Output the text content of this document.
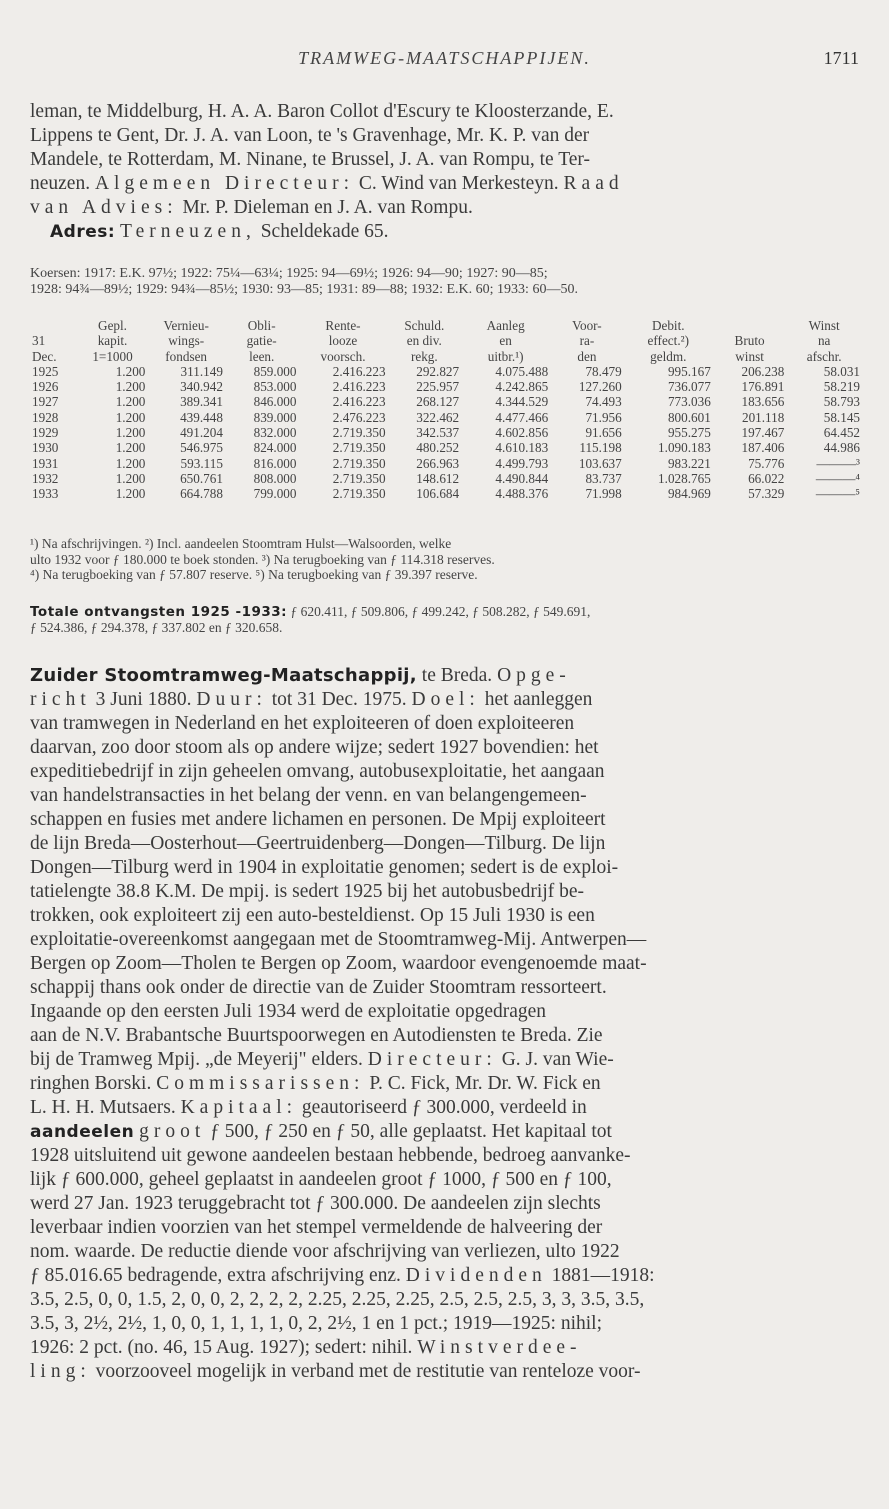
TRAMWEG-MAATSCHAPPIJEN.	1711
leman, te Middelburg, H. A. A. Baron Collot d'Escury te Kloosterzande, E.
Lippens te Gent, Dr. J. A. van Loon, te 's Gravenhage, Mr. K. P. van der
Mandele, te Rotterdam, M. Ninane, te Brussel, J. A. van Rompu, te Ter-
neuzen. Algemeen Directeur: C. Wind van Merkesteyn. Raad
van Advies: Mr. P. Dieleman en J. A. van Rompu.
Adres: Terneuzen, Scheldekade 65.
Koersen: 1917: E.K. 97½; 1922: 75¼—63¼; 1925: 94—69½; 1926: 94—90; 1927: 90—85;
1928: 94¾—89½; 1929: 94¾—85½; 1930: 93—85; 1931: 89—88; 1932: E.K. 60; 1933: 60—50.
	Gepl.	Vernieu-	Obli-	Rente-	Schuld.	Aanleg	Voor-	Debit.		Winst
31	kapit.	wings-	gatie-	looze	en div.	en	ra-	effect.²)	Bruto	na
Dec.	1=1000	fondsen	leen.	voorsch.	rekg.	uitbr.¹)	den	geldm.	winst	afschr.
1925	1.200	311.149	859.000	2.416.223	292.827	4.075.488	78.479	995.167	206.238	58.031
1926	1.200	340.942	853.000	2.416.223	225.957	4.242.865	127.260	736.077	176.891	58.219
1927	1.200	389.341	846.000	2.416.223	268.127	4.344.529	74.493	773.036	183.656	58.793
1928	1.200	439.448	839.000	2.476.223	322.462	4.477.466	71.956	800.601	201.118	58.145
1929	1.200	491.204	832.000	2.719.350	342.537	4.602.856	91.656	955.275	197.467	64.452
1930	1.200	546.975	824.000	2.719.350	480.252	4.610.183	115.198	1.090.183	187.406	44.986
1931	1.200	593.115	816.000	2.719.350	266.963	4.499.793	103.637	983.221	75.776	———³
1932	1.200	650.761	808.000	2.719.350	148.612	4.490.844	83.737	1.028.765	66.022	———⁴
1933	1.200	664.788	799.000	2.719.350	106.684	4.488.376	71.998	984.969	57.329	———⁵
¹) Na afschrijvingen. ²) Incl. aandeelen Stoomtram Hulst—Walsoorden, welke
ulto 1932 voor ƒ 180.000 te boek stonden. ³) Na terugboeking van ƒ 114.318 reserves.
⁴) Na terugboeking van ƒ 57.807 reserve. ⁵) Na terugboeking van ƒ 39.397 reserve.
Totale ontvangsten 1925 -1933: ƒ 620.411, ƒ 509.806, ƒ 499.242, ƒ 508.282, ƒ 549.691,
ƒ 524.386, ƒ 294.378, ƒ 337.802 en ƒ 320.658.
Zuider Stoomtramweg-Maatschappij, te Breda. Opge-
richt 3 Juni 1880. Duur: tot 31 Dec. 1975. Doel: het aanleggen
van tramwegen in Nederland en het exploiteeren of doen exploiteeren
daarvan, zoo door stoom als op andere wijze; sedert 1927 bovendien: het
expeditiebedrijf in zijn geheelen omvang, autobusexploitatie, het aangaan
van handelstransacties in het belang der venn. en van belangengemeen-
schappen en fusies met andere lichamen en personen. De Mpij exploiteert
de lijn Breda—Oosterhout—Geertruidenberg—Dongen—Tilburg. De lijn
Dongen—Tilburg werd in 1904 in exploitatie genomen; sedert is de exploi-
tatielengte 38.8 K.M. De mpij. is sedert 1925 bij het autobusbedrijf be-
trokken, ook exploiteert zij een auto-besteldienst. Op 15 Juli 1930 is een
exploitatie-overeenkomst aangegaan met de Stoomtramweg-Mij. Antwerpen—
Bergen op Zoom—Tholen te Bergen op Zoom, waardoor evengenoemde maat-
schappij thans ook onder de directie van de Zuider Stoomtram ressorteert.
Ingaande op den eersten Juli 1934 werd de exploitatie opgedragen
aan de N.V. Brabantsche Buurtspoorwegen en Autodiensten te Breda. Zie
bij de Tramweg Mpij. „de Meyerij" elders. Directeur: G. J. van Wie-
ringhen Borski. Commissarissen: P. C. Fick, Mr. Dr. W. Fick en
L. H. H. Mutsaers. Kapitaal: geautoriseerd ƒ 300.000, verdeeld in
aandeelen groot ƒ 500, ƒ 250 en ƒ 50, alle geplaatst. Het kapitaal tot
1928 uitsluitend uit gewone aandeelen bestaan hebbende, bedroeg aanvanke-
lijk ƒ 600.000, geheel geplaatst in aandeelen groot ƒ 1000, ƒ 500 en ƒ 100,
werd 27 Jan. 1923 teruggebracht tot ƒ 300.000. De aandeelen zijn slechts
leverbaar indien voorzien van het stempel vermeldende de halveering der
nom. waarde. De reductie diende voor afschrijving van verliezen, ulto 1922
ƒ 85.016.65 bedragende, extra afschrijving enz. Dividenden 1881—1918:
3.5, 2.5, 0, 0, 1.5, 2, 0, 0, 2, 2, 2, 2, 2.25, 2.25, 2.25, 2.5, 2.5, 2.5, 3, 3, 3.5, 3.5,
3.5, 3, 2½, 2½, 1, 0, 0, 1, 1, 1, 1, 0, 2, 2½, 1 en 1 pct.; 1919—1925: nihil;
1926: 2 pct. (no. 46, 15 Aug. 1927); sedert: nihil. Winstverdee-
ling: voorzooveel mogelijk in verband met de restitutie van renteloze voor-
